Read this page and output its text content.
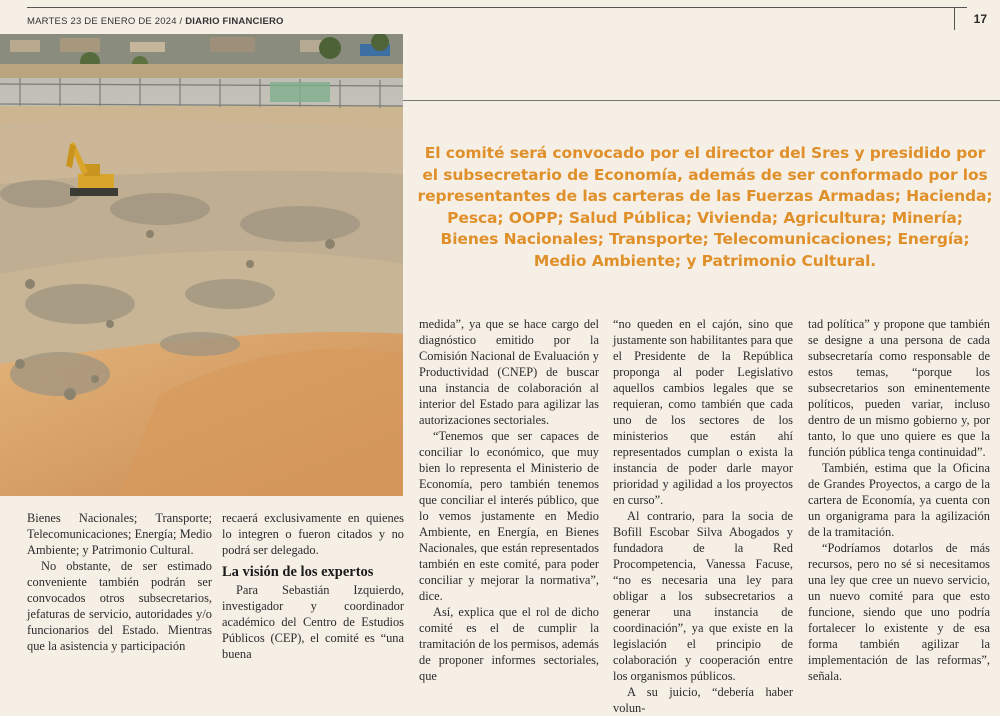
MARTES 23 DE ENERO DE 2024 / DIARIO FINANCIERO	17
El comité será convocado por el director del Sres y presidido por el subsecretario de Economía, además de ser conformado por los representantes de las carteras de las Fuerzas Armadas; Hacienda; Pesca; OOPP; Salud Pública; Vivienda; Agricultura; Minería; Bienes Nacionales; Transporte; Telecomunicaciones; Energía; Medio Ambiente; y Patrimonio Cultural.

Bienes Nacionales; Transporte; Telecomunicaciones; Energía; Medio Ambiente; y Patrimonio Cultural.

No obstante, de ser estimado conveniente también podrán ser convocados otros subsecretarios, jefaturas de servicio, autoridades y/o funcionarios del Estado. Mientras que la asistencia y participación

recaerá exclusivamente en quienes lo integren o fueron citados y no podrá ser delegado.

La visión de los expertos

Para Sebastián Izquierdo, investigador y coordinador académico del Centro de Estudios Públicos (CEP), el comité es “una buena

medida”, ya que se hace cargo del diagnóstico emitido por la Comisión Nacional de Evaluación y Productividad (CNEP) de buscar una instancia de colaboración al interior del Estado para agilizar las autorizaciones sectoriales.

“Tenemos que ser capaces de conciliar lo económico, que muy bien lo representa el Ministerio de Economía, pero también tenemos que conciliar el interés público, que lo vemos justamente en Medio Ambiente, en Energía, en Bienes Nacionales, que están representados también en este comité, para poder conciliar y mejorar la normativa”, dice.

Así, explica que el rol de dicho comité es el de cumplir la tramitación de los permisos, además de proponer informes sectoriales, que

“no queden en el cajón, sino que justamente son habilitantes para que el Presidente de la República proponga al poder Legislativo aquellos cambios legales que se requieran, como también que cada uno de los sectores de los ministerios que están ahí representados cumplan o exista la instancia de poder darle mayor prioridad y agilidad a los proyectos en curso”.

Al contrario, para la socia de Bofill Escobar Silva Abogados y fundadora de la Red Procompetencia, Vanessa Facuse, “no es necesaria una ley para obligar a los subsecretarios a generar una instancia de coordinación”, ya que existe en la legislación el principio de colaboración y cooperación entre los organismos públicos.

A su juicio, “debería haber volun-

tad política” y propone que también se designe a una persona de cada subsecretaría como responsable de estos temas, “porque los subsecretarios son eminentemente políticos, pueden variar, incluso dentro de un mismo gobierno y, por tanto, lo que uno quiere es que la función pública tenga continuidad”.

También, estima que la Oficina de Grandes Proyectos, a cargo de la cartera de Economía, ya cuenta con un organigrama para la agilización de la tramitación.

“Podríamos dotarlos de más recursos, pero no sé si necesitamos una ley que cree un nuevo servicio, un nuevo comité para que esto funcione, siendo que uno podría fortalecer lo existente y de esa forma también agilizar la implementación de las reformas”, señala.
